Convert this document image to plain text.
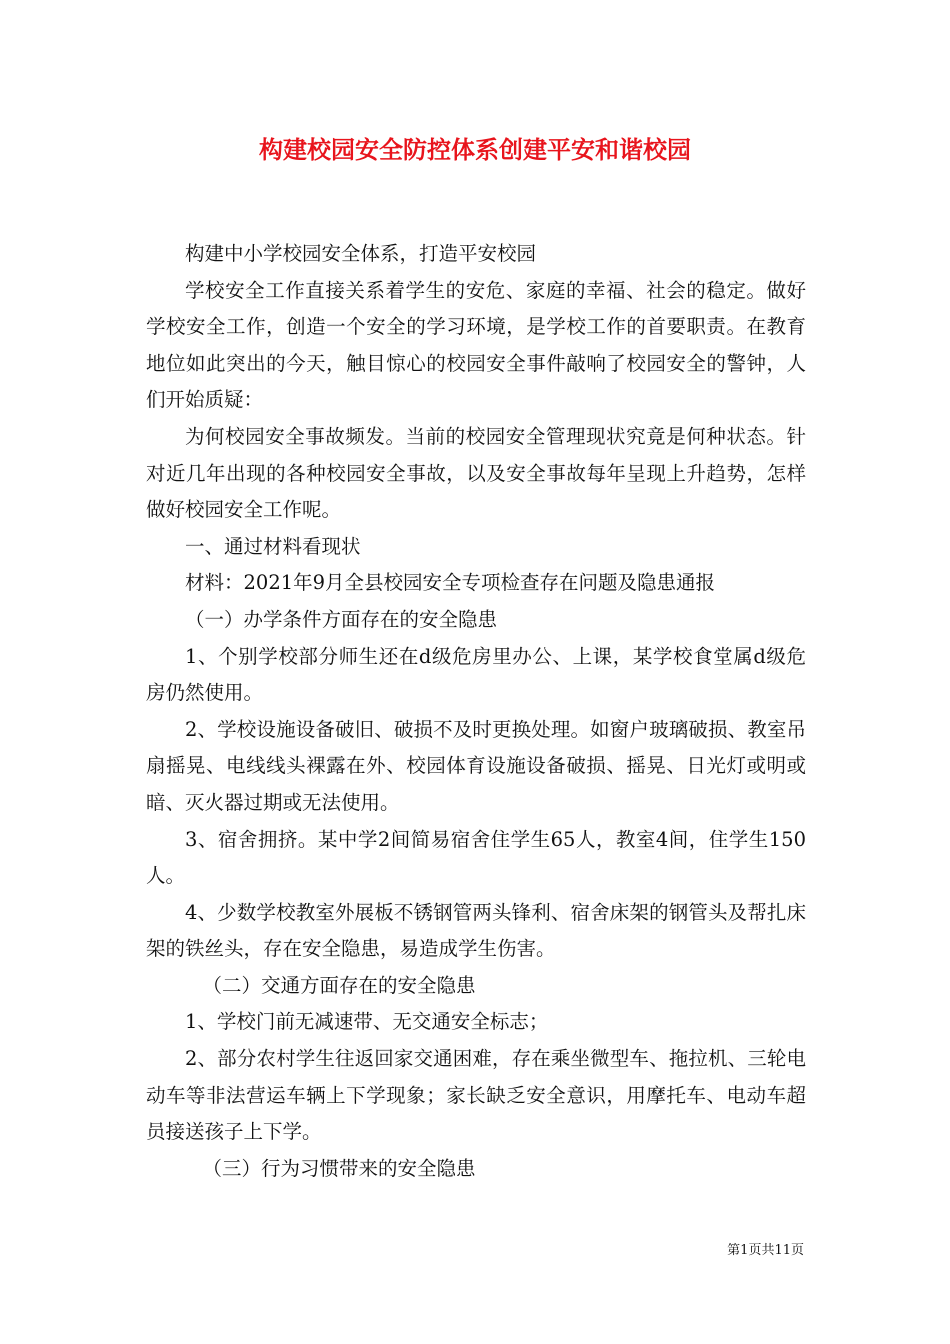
构建校园安全防控体系创建平安和谐校园

构建中小学校园安全体系，打造平安校园

学校安全工作直接关系着学生的安危、家庭的幸福、社会的稳定。做好学校安全工作，创造一个安全的学习环境，是学校工作的首要职责。在教育地位如此突出的今天，触目惊心的校园安全事件敲响了校园安全的警钟，人们开始质疑：

为何校园安全事故频发。当前的校园安全管理现状究竟是何种状态。针对近几年出现的各种校园安全事故，以及安全事故每年呈现上升趋势，怎样做好校园安全工作呢。

一、通过材料看现状

材料：2021年9月全县校园安全专项检查存在问题及隐患通报

（一）办学条件方面存在的安全隐患

1、个别学校部分师生还在d级危房里办公、上课，某学校食堂属d级危房仍然使用。

2、学校设施设备破旧、破损不及时更换处理。如窗户玻璃破损、教室吊扇摇晃、电线线头裸露在外、校园体育设施设备破损、摇晃、日光灯或明或暗、灭火器过期或无法使用。

3、宿舍拥挤。某中学2间简易宿舍住学生65人，教室4间，住学生150人。

4、少数学校教室外展板不锈钢管两头锋利、宿舍床架的钢管头及帮扎床架的铁丝头，存在安全隐患，易造成学生伤害。

（二）交通方面存在的安全隐患

1、学校门前无减速带、无交通安全标志；

2、部分农村学生往返回家交通困难，存在乘坐微型车、拖拉机、三轮电动车等非法营运车辆上下学现象；家长缺乏安全意识，用摩托车、电动车超员接送孩子上下学。

（三）行为习惯带来的安全隐患

第1页共11页
